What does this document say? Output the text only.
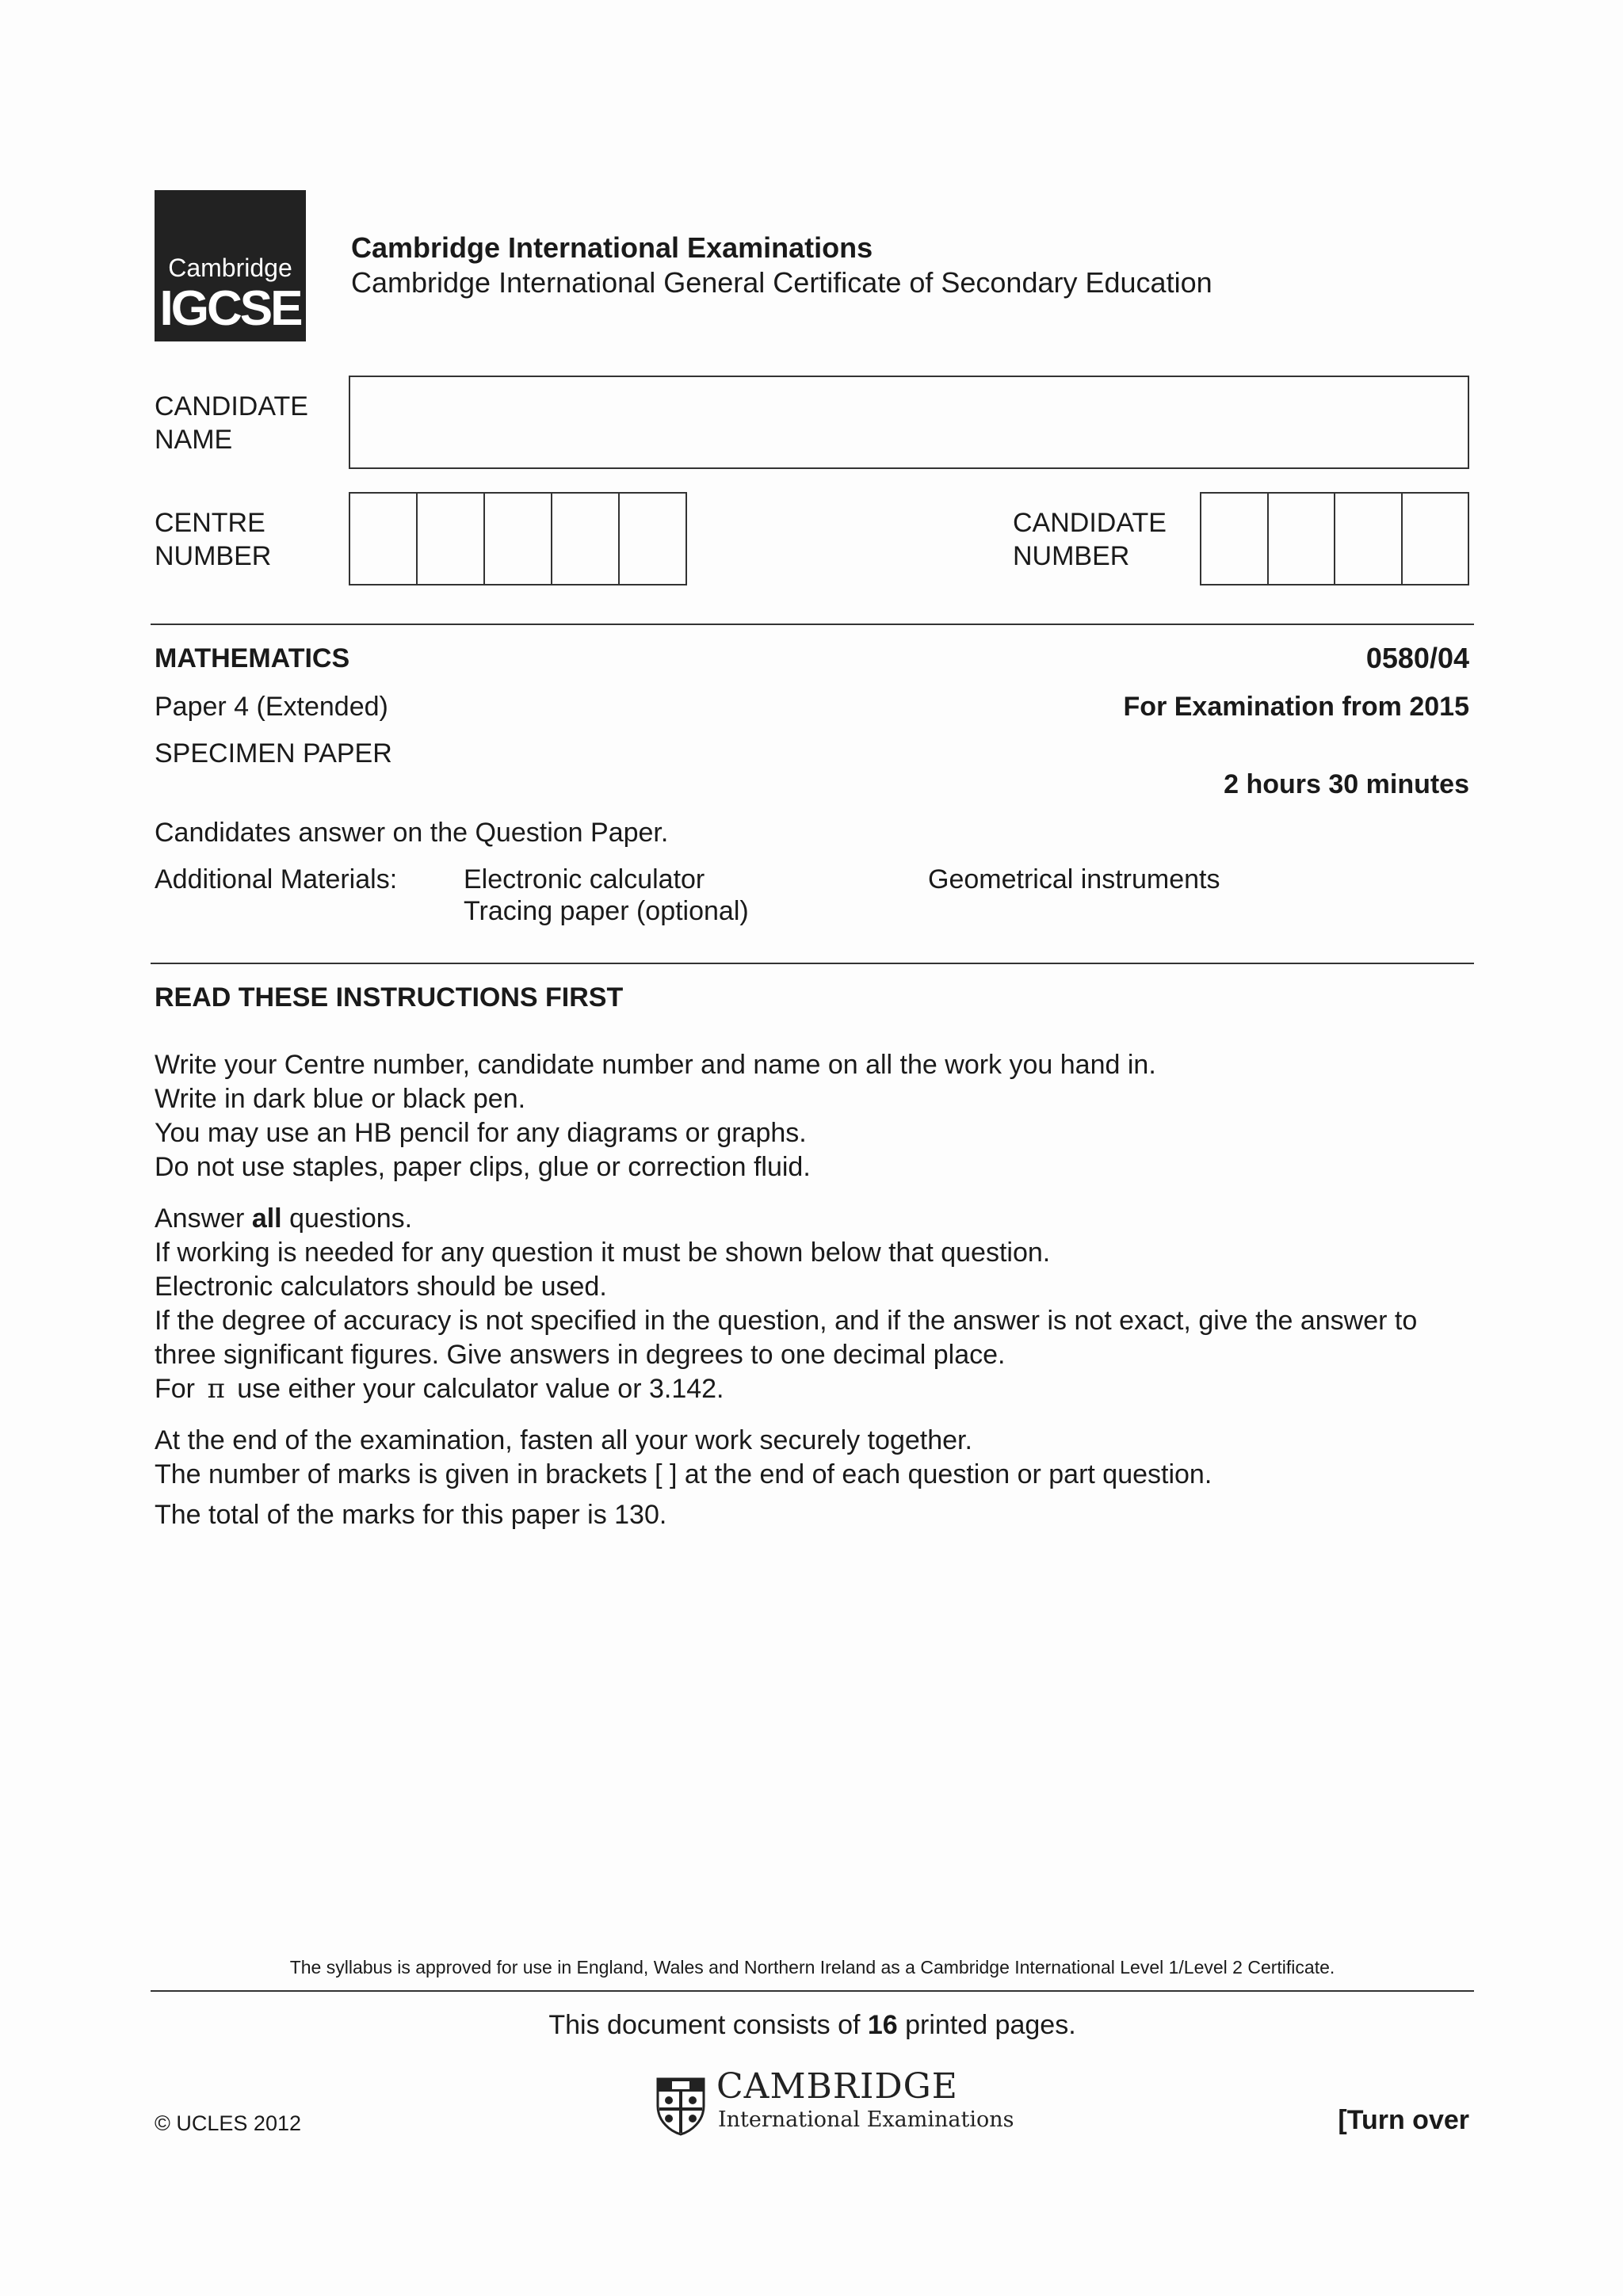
Cambridge
IGCSE
Cambridge International Examinations
Cambridge International General Certificate of Secondary Education
CANDIDATE
NAME
CENTRE
NUMBER
CANDIDATE
NUMBER
MATHEMATICS	0580/04
Paper 4 (Extended)	For Examination from 2015
SPECIMEN PAPER
2 hours 30 minutes
Candidates answer on the Question Paper.
Additional Materials: Electronic calculator
Tracing paper (optional)
Geometrical instruments
READ THESE INSTRUCTIONS FIRST
Write your Centre number, candidate number and name on all the work you hand in.
Write in dark blue or black pen.
You may use an HB pencil for any diagrams or graphs.
Do not use staples, paper clips, glue or correction fluid.
Answer all questions.
If working is needed for any question it must be shown below that question.
Electronic calculators should be used.
If the degree of accuracy is not specified in the question, and if the answer is not exact, give the answer to
three significant figures. Give answers in degrees to one decimal place.
For π use either your calculator value or 3.142.
At the end of the examination, fasten all your work securely together.
The number of marks is given in brackets [ ] at the end of each question or part question.
The total of the marks for this paper is 130.
The syllabus is approved for use in England, Wales and Northern Ireland as a Cambridge International Level 1/Level 2 Certificate.
This document consists of 16 printed pages.
CAMBRIDGE
International Examinations
© UCLES 2012	[Turn over
